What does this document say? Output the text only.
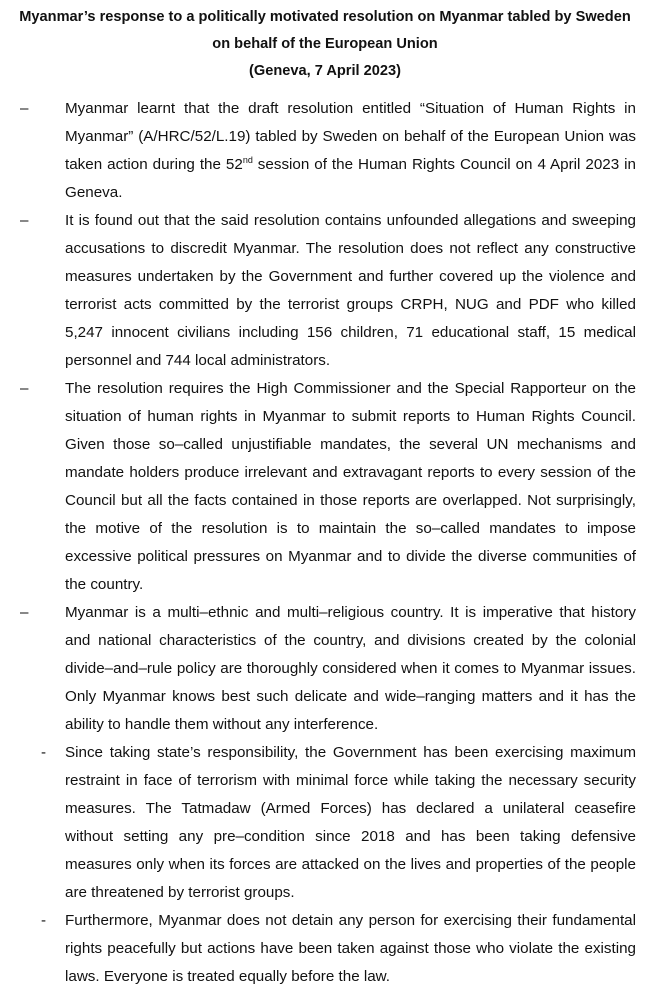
Myanmar’s response to a politically motivated resolution on Myanmar tabled by Sweden
on behalf of the European Union
(Geneva, 7 April 2023)

– Myanmar learnt that the draft resolution entitled “Situation of Human Rights in Myanmar” (A/HRC/52/L.19) tabled by Sweden on behalf of the European Union was taken action during the 52nd session of the Human Rights Council on 4 April 2023 in Geneva.

– It is found out that the said resolution contains unfounded allegations and sweeping accusations to discredit Myanmar. The resolution does not reflect any constructive measures undertaken by the Government and further covered up the violence and terrorist acts committed by the terrorist groups CRPH, NUG and PDF who killed 5,247 innocent civilians including 156 children, 71 educational staff, 15 medical personnel and 744 local administrators.

– The resolution requires the High Commissioner and the Special Rapporteur on the situation of human rights in Myanmar to submit reports to Human Rights Council. Given those so–called unjustifiable mandates, the several UN mechanisms and mandate holders produce irrelevant and extravagant reports to every session of the Council but all the facts contained in those reports are overlapped. Not surprisingly, the motive of the resolution is to maintain the so–called mandates to impose excessive political pressures on Myanmar and to divide the diverse communities of the country.

– Myanmar is a multi–ethnic and multi–religious country. It is imperative that history and national characteristics of the country, and divisions created by the colonial divide–and–rule policy are thoroughly considered when it comes to Myanmar issues. Only Myanmar knows best such delicate and wide–ranging matters and it has the ability to handle them without any interference.

- Since taking state’s responsibility, the Government has been exercising maximum restraint in face of terrorism with minimal force while taking the necessary security measures. The Tatmadaw (Armed Forces) has declared a unilateral ceasefire without setting any pre–condition since 2018 and has been taking defensive measures only when its forces are attacked on the lives and properties of the people are threatened by terrorist groups.

- Furthermore, Myanmar does not detain any person for exercising their fundamental rights peacefully but actions have been taken against those who violate the existing laws. Everyone is treated equally before the law.
